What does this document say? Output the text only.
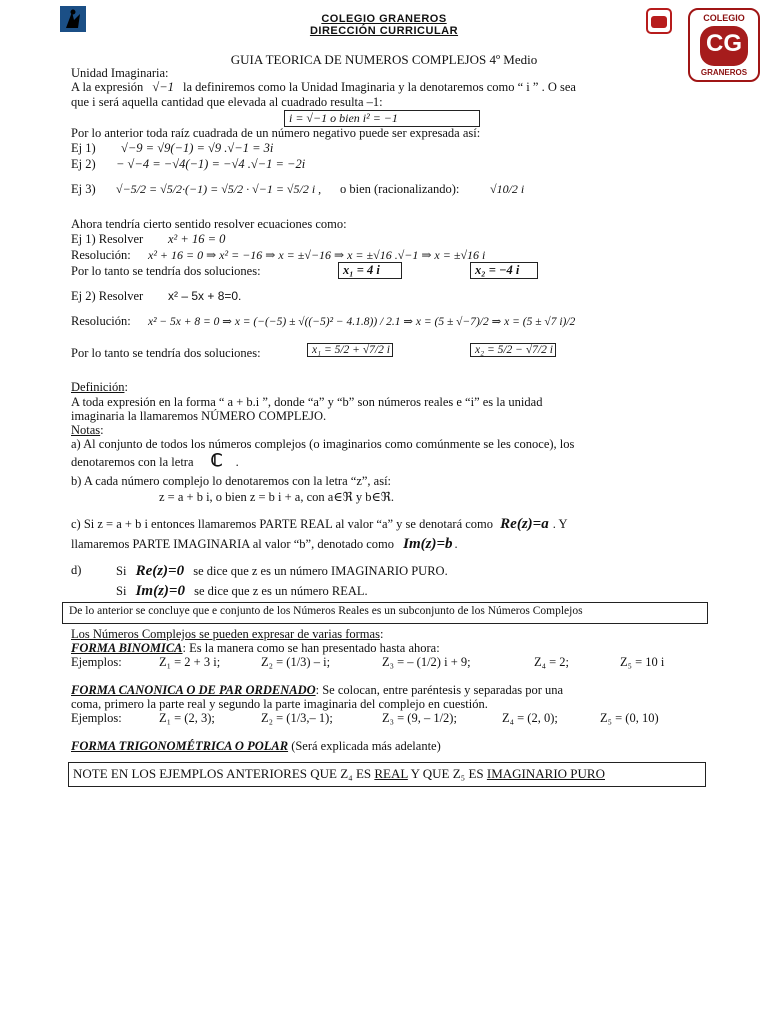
COLEGIO GRANEROS
DIRECCIÓN CURRICULAR
COLEGIO
CG
GRANEROS
GUIA TEORICA DE NUMEROS COMPLEJOS 4º Medio
Unidad Imaginaria:
A la expresión √−1 la definiremos como la Unidad Imaginaria y la denotaremos como “ i ” . O sea
que i será aquella cantidad que elevada al cuadrado resulta –1:
i = √−1 o bien i² = −1
Por lo anterior toda raíz cuadrada de un número negativo puede ser expresada así:
Ej 1) √−9 = √9(−1) = √9 .√−1 = 3i
Ej 2) − √−4 = −√4(−1) = −√4 .√−1 = −2i
Ej 3) √−5/2 = √5/2·(−1) = √5/2 · √−1 = √5/2 i , o bien (racionalizando):	√10/2 i
Ahora tendría cierto sentido resolver ecuaciones como:
Ej 1) Resolver x² + 16 = 0
Resolución: x² + 16 = 0 ⇒ x² = −16 ⇒ x = ±√−16 ⇒ x = ±√16 .√−1 ⇒ x = ±√16 i
Por lo tanto se tendría dos soluciones:	x₁ = 4 i	x₂ = −4 i
Ej 2) Resolver x² – 5x + 8=0.
Resolución: x² − 5x + 8 = 0 ⇒ x = (−(−5) ± √((−5)² − 4.1.8)) / 2.1 ⇒ x = (5 ± √−7)/2 ⇒ x = (5 ± √7 i)/2
Por lo tanto se tendría dos soluciones:	x₁ = 5/2 + √7/2 i	x₂ = 5/2 − √7/2 i
Definición:
A toda expresión en la forma “ a + b.i ”, donde “a” y “b” son números reales e “i” es la unidad
imaginaria la llamaremos NÚMERO COMPLEJO.
Notas:
a) Al conjunto de todos los números complejos (o imaginarios como comúnmente se les conoce), los
denotaremos con la letra ℂ .
b) A cada número complejo lo denotaremos con la letra “z”, así:
z = a + b i, o bien z = b i + a, con a∈ℜ y b∈ℜ.
c) Si z = a + b i entonces llamaremos PARTE REAL al valor “a” y se denotará como Re(z)=a . Y
llamaremos PARTE IMAGINARIA al valor “b”, denotado como Im(z)=b .
d)	Si Re(z)=0 se dice que z es un número IMAGINARIO PURO.
Si Im(z)=0 se dice que z es un número REAL.
De lo anterior se concluye que e conjunto de los Números Reales es un subconjunto de los Números Complejos
Los Números Complejos se pueden expresar de varias formas:
FORMA BINOMICA: Es la manera como se han presentado hasta ahora:
Ejemplos:	Z₁ = 2 + 3 i;	Z₂ = (1/3) – i;	Z₃ = – (1/2) i + 9;	Z₄ = 2;	Z₅ = 10 i
FORMA CANONICA O DE PAR ORDENADO: Se colocan, entre paréntesis y separadas por una
coma, primero la parte real y segundo la parte imaginaria del complejo en cuestión.
Ejemplos:	Z₁ = (2, 3);	Z₂ = (1/3,– 1);	Z₃ = (9, – 1/2);	Z₄ = (2, 0);	Z₅ = (0, 10)
FORMA TRIGONOMÉTRICA O POLAR (Será explicada más adelante)
NOTE EN LOS EJEMPLOS ANTERIORES QUE Z₄ ES REAL Y QUE Z₅ ES IMAGINARIO PURO
